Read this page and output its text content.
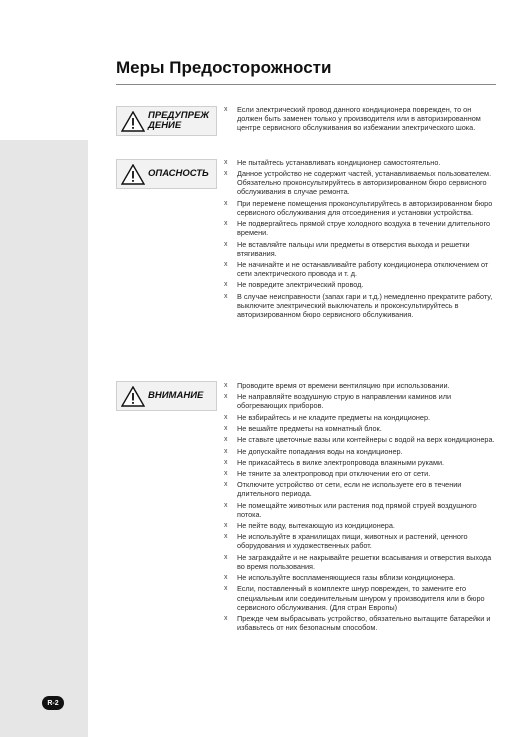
Меры Предосторожности
ПРЕДУПРЕЖ ДЕНИЕ
x Если электрический провод данного кондиционера поврежден, то он должен быть заменен только у производителя или в авторизированном центре сервисного обслуживания во избежании электрического шока.
ОПАСНОСТЬ
x Не пытайтесь устанавливать кондиционер самостоятельно.
x Данное устройство не содержит частей, устанавливаемых пользователем. Обязательно проконсультируйтесь в авторизированном бюро сервисного обслуживания в случае ремонта.
x При перемене помещения проконсультируйтесь в авторизированном бюро сервисного обслуживания для отсоединения и установки устройства.
x Не подвергайтесь прямой струе холодного воздуха в течении длительного времени.
x Не вставляйте пальцы или предметы в отверстия выхода и решетки втягивания.
x Не начинайте и не останавливайте работу кондиционера отключением от сети электрического провода и т. д.
x Не повредите электрический провод.
x В случае неисправности (запах гари и т.д.) немедленно прекратите работу, выключите электрический выключатель и проконсультируйтесь в авторизированном бюро сервисного обслуживания.
ВНИМАНИЕ
x Проводите время от времени вентиляцию при использовании.
x Не направляйте воздушную струю в направлении каминов или обогревающих приборов.
x Не взбирайтесь и не кладите предметы на кондиционер.
x Не вешайте предметы на комнатный блок.
x Не ставьте цветочные вазы или контейнеры с водой на верх кондиционера.
x Не допускайте попадания воды на кондиционер.
x Не прикасайтесь в вилке электропровода влажными руками.
x Не тяните за электропровод при отключении его от сети.
x Отключите устройство от сети, если не используете его в течении длительного периода.
x Не помещайте животных или растения под прямой струей воздушного потока.
x Не пейте воду, вытекающую из кондиционера.
x Не используйте в хранилищах пищи, животных и растений, ценного оборудования и художественных работ.
x Не заграждайте и не накрывайте решетки всасывания и отверстия выхода во время пользования.
x Не используйте воспламеняющиеся газы вблизи кондиционера.
x Если, поставленный в комплекте шнур поврежден, то замените его специальным или соединительным шнуром у производителя или в бюро сервисного обслуживания. (Для стран Европы)
x Прежде чем выбрасывать устройство, обязательно вытащите батарейки и избавьтесь от них безопасным способом.
R-2
